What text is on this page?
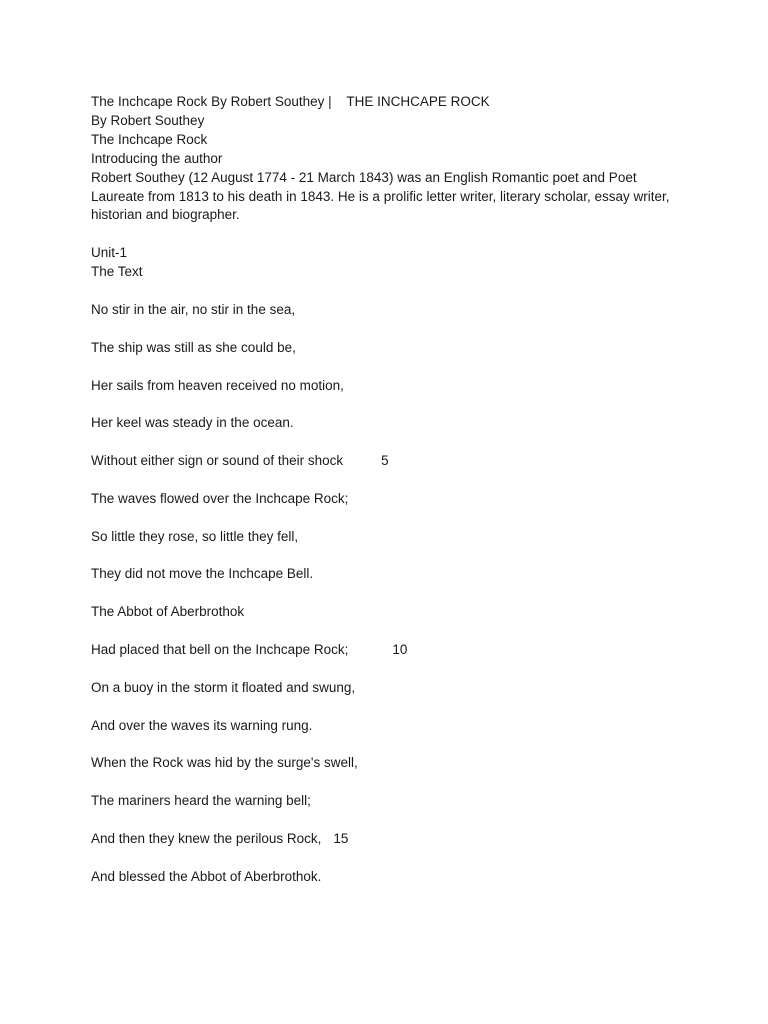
The Inchcape Rock By Robert Southey |    THE INCHCAPE ROCK
By Robert Southey
The Inchcape Rock
Introducing the author
Robert Southey (12 August 1774 - 21 March 1843) was an English Romantic poet and Poet Laureate from 1813 to his death in 1843. He is a prolific letter writer, literary scholar, essay writer, historian and biographer.
Unit-1
The Text
No stir in the air, no stir in the sea,
The ship was still as she could be,
Her sails from heaven received no motion,
Her keel was steady in the ocean.
Without either sign or sound of their shock	5
The waves flowed over the Inchcape Rock;
So little they rose, so little they fell,
They did not move the Inchcape Bell.
The Abbot of Aberbrothok
Had placed that bell on the Inchcape Rock;	10
On a buoy in the storm it floated and swung,
And over the waves its warning rung.
When the Rock was hid by the surge's swell,
The mariners heard the warning bell;
And then they knew the perilous Rock, 15
And blessed the Abbot of Aberbrothok.
